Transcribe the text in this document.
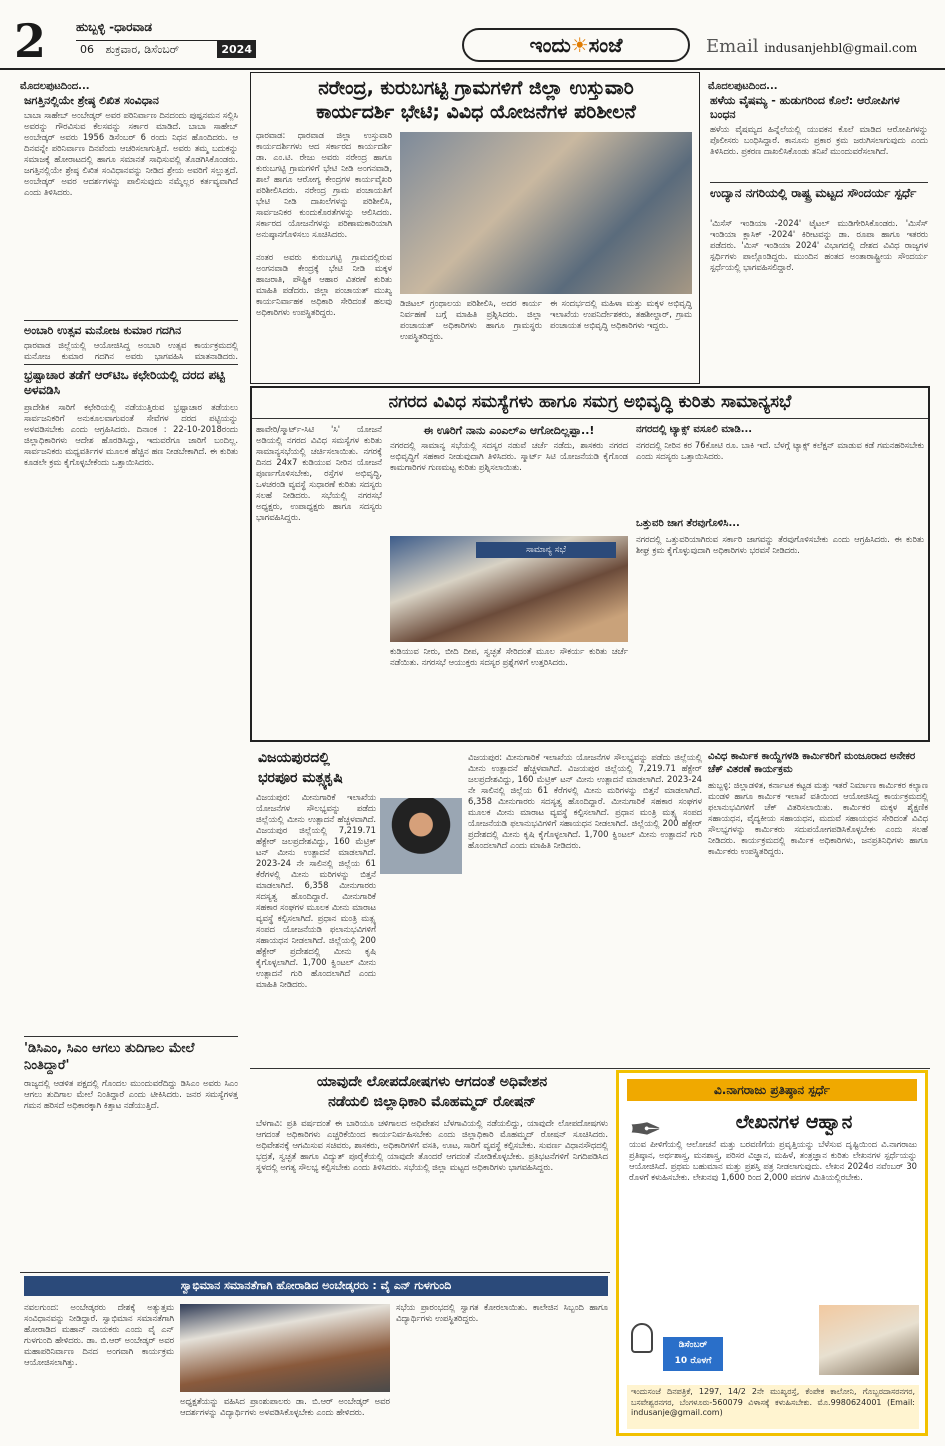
2 ಹುಬ್ಬಳ್ಳಿ -ಧಾರವಾಡ
06 ಶುಕ್ರವಾರ, ಡಿಸೆಂಬರ್	2024	ಇಂದು☀ಸಂಜೆ	Email indusanjehbl@gmail.com
ಮೊದಲಪುಟದಿಂದ...
ಜಗತ್ತಿನಲ್ಲಿಯೇ ಶ್ರೇಷ್ಠ ಲಿಖಿತ ಸಂವಿಧಾನ
ಬಾಬಾ ಸಾಹೇಬ್ ಅಂಬೇಡ್ಕರ್ ಅವರ ಪರಿನಿರ್ವಾಣ ದಿನದಂದು ಪುಷ್ಪನಮನ ಸಲ್ಲಿಸಿ ಅವರನ್ನು ಗೌರವಿಸುವ ಕೆಲಸವನ್ನು ಸರ್ಕಾರ ಮಾಡಿದೆ. ಬಾಬಾ ಸಾಹೇಬ್ ಅಂಬೇಡ್ಕರ್ ಅವರು 1956 ಡಿಸೆಂಬರ್ 6 ರಂದು ನಿಧನ ಹೊಂದಿದರು. ಆ ದಿನವನ್ನೇ ಪರಿನಿರ್ವಾಣ ದಿನವೆಂದು ಆಚರಿಸಲಾಗುತ್ತಿದೆ. ಅವರು ತಮ್ಮ ಬದುಕನ್ನು ಸಮಾಜಕ್ಕೆ ಹೋರಾಟದಲ್ಲಿ ಹಾಗೂ ಸಮಾನತೆ ಸಾಧಿಸುವಲ್ಲಿ ತೊಡಗಿಸಿಕೊಂಡರು. ಜಗತ್ತಿನಲ್ಲಿಯೇ ಶ್ರೇಷ್ಠ ಲಿಖಿತ ಸಂವಿಧಾನವನ್ನು ನೀಡಿದ ಶ್ರೇಯ ಅವರಿಗೆ ಸಲ್ಲುತ್ತದೆ. ಅಂಬೇಡ್ಕರ್ ಅವರ ಆದರ್ಶಗಳನ್ನು ಪಾಲಿಸುವುದು ನಮ್ಮೆಲ್ಲರ ಕರ್ತವ್ಯವಾಗಿದೆ ಎಂದು ತಿಳಿಸಿದರು.
ಅಂಬಾರಿ ಉತ್ಸವ ಮನೋಜ ಕುಮಾರ ಗದಗಿನ
ಧಾರವಾಡ ಜಿಲ್ಲೆಯಲ್ಲಿ ಆಯೋಜಿಸಿದ್ದ ಅಂಬಾರಿ ಉತ್ಸವ ಕಾರ್ಯಕ್ರಮದಲ್ಲಿ ಮನೋಜ ಕುಮಾರ ಗದಗಿನ ಅವರು ಭಾಗವಹಿಸಿ ಮಾತನಾಡಿದರು.
ಭ್ರಷ್ಟಾಚಾರ ತಡೆಗೆ ಆರ್‌ಟಿಒ ಕಛೇರಿಯಲ್ಲಿ ದರದ ಪಟ್ಟಿ ಅಳವಡಿಸಿ
ಪ್ರಾದೇಶಿಕ ಸಾರಿಗೆ ಕಛೇರಿಯಲ್ಲಿ ನಡೆಯುತ್ತಿರುವ ಭ್ರಷ್ಟಾಚಾರ ತಡೆಯಲು ಸಾರ್ವಜನಿಕರಿಗೆ ಅನುಕೂಲವಾಗುವಂತೆ ಸೇವೆಗಳ ದರದ ಪಟ್ಟಿಯನ್ನು ಅಳವಡಿಸಬೇಕು ಎಂದು ಆಗ್ರಹಿಸಿದರು. ದಿನಾಂಕ : 22-10-2018ರಂದು ಜಿಲ್ಲಾಧಿಕಾರಿಗಳು ಆದೇಶ ಹೊರಡಿಸಿದ್ದು, ಇದುವರೆಗೂ ಜಾರಿಗೆ ಬಂದಿಲ್ಲ. ಸಾರ್ವಜನಿಕರು ಮಧ್ಯವರ್ತಿಗಳ ಮೂಲಕ ಹೆಚ್ಚಿನ ಹಣ ನೀಡಬೇಕಾಗಿದೆ. ಈ ಕುರಿತು ಕೂಡಲೇ ಕ್ರಮ ಕೈಗೊಳ್ಳಬೇಕೆಂದು ಒತ್ತಾಯಿಸಿದರು.
'ಡಿಸಿಎಂ, ಸಿಎಂ ಆಗಲು ತುದಿಗಾಲ ಮೇಲೆ ನಿಂತಿದ್ದಾರೆ'
ರಾಜ್ಯದಲ್ಲಿ ಆಡಳಿತ ಪಕ್ಷದಲ್ಲಿ ಗೊಂದಲ ಮುಂದುವರೆದಿದ್ದು ಡಿಸಿಎಂ ಅವರು ಸಿಎಂ ಆಗಲು ತುದಿಗಾಲ ಮೇಲೆ ನಿಂತಿದ್ದಾರೆ ಎಂದು ಟೀಕಿಸಿದರು. ಜನರ ಸಮಸ್ಯೆಗಳತ್ತ ಗಮನ ಹರಿಸದೆ ಅಧಿಕಾರಕ್ಕಾಗಿ ಕಿತ್ತಾಟ ನಡೆಯುತ್ತಿದೆ.
ನರೇಂದ್ರ, ಕುರುಬಗಟ್ಟಿ ಗ್ರಾಮಗಳಿಗೆ ಜಿಲ್ಲಾ ಉಸ್ತುವಾರಿ
ಕಾರ್ಯದರ್ಶಿ ಭೇಟಿ; ವಿವಿಧ ಯೋಜನೆಗಳ ಪರಿಶೀಲನೆ
ಧಾರವಾಡ: ಧಾರವಾಡ ಜಿಲ್ಲಾ ಉಸ್ತುವಾರಿ ಕಾರ್ಯದರ್ಶಿಗಳು ಆದ ಸರ್ಕಾರದ ಕಾರ್ಯದರ್ಶಿ ಡಾ. ಎಂ.ಟಿ. ರೇಜು ಅವರು ನರೇಂದ್ರ ಹಾಗೂ ಕುರುಬಗಟ್ಟಿ ಗ್ರಾಮಗಳಿಗೆ ಭೇಟಿ ನೀಡಿ ಅಂಗನವಾಡಿ, ಶಾಲೆ ಹಾಗೂ ಆರೋಗ್ಯ ಕೇಂದ್ರಗಳ ಕಾರ್ಯವೈಖರಿ ಪರಿಶೀಲಿಸಿದರು. ನರೇಂದ್ರ ಗ್ರಾಮ ಪಂಚಾಯತಿಗೆ ಭೇಟಿ ನೀಡಿ ದಾಖಲೆಗಳನ್ನು ಪರಿಶೀಲಿಸಿ, ಸಾರ್ವಜನಿಕರ ಕುಂದುಕೊರತೆಗಳನ್ನು ಆಲಿಸಿದರು. ಸರ್ಕಾರದ ಯೋಜನೆಗಳನ್ನು ಪರಿಣಾಮಕಾರಿಯಾಗಿ ಅನುಷ್ಠಾನಗೊಳಿಸಲು ಸೂಚಿಸಿದರು.
ನಂತರ ಅವರು ಕುರುಬಗಟ್ಟಿ ಗ್ರಾಮದಲ್ಲಿರುವ ಅಂಗನವಾಡಿ ಕೇಂದ್ರಕ್ಕೆ ಭೇಟಿ ನೀಡಿ ಮಕ್ಕಳ ಹಾಜರಾತಿ, ಪೌಷ್ಟಿಕ ಆಹಾರ ವಿತರಣೆ ಕುರಿತು ಮಾಹಿತಿ ಪಡೆದರು. ಜಿಲ್ಲಾ ಪಂಚಾಯತ್ ಮುಖ್ಯ ಕಾರ್ಯನಿರ್ವಾಹಕ ಅಧಿಕಾರಿ ಸೇರಿದಂತೆ ಹಲವು ಅಧಿಕಾರಿಗಳು ಉಪಸ್ಥಿತರಿದ್ದರು.
ಡಿಜಿಟಲ್ ಗ್ರಂಥಾಲಯ ಪರಿಶೀಲಿಸಿ, ಅದರ ಕಾರ್ಯ ನಿರ್ವಹಣೆ ಬಗ್ಗೆ ಮಾಹಿತಿ ಪ್ರಶ್ನಿಸಿದರು. ಜಿಲ್ಲಾ ಪಂಚಾಯತ್ ಅಧಿಕಾರಿಗಳು ಹಾಗೂ ಗ್ರಾಮಸ್ಥರು ಉಪಸ್ಥಿತರಿದ್ದರು.
ಈ ಸಂದರ್ಭದಲ್ಲಿ ಮಹಿಳಾ ಮತ್ತು ಮಕ್ಕಳ ಅಭಿವೃದ್ಧಿ ಇಲಾಖೆಯ ಉಪನಿರ್ದೇಶಕರು, ತಹಶೀಲ್ದಾರ್, ಗ್ರಾಮ ಪಂಚಾಯತ ಅಭಿವೃದ್ಧಿ ಅಧಿಕಾರಿಗಳು ಇದ್ದರು.
ಮೊದಲಪುಟದಿಂದ...
ಹಳೆಯ ವೈಷಮ್ಯ - ಹುಡುಗರಿಂದ ಕೊಲೆ: ಆರೋಪಿಗಳ ಬಂಧನ
ಹಳೆಯ ವೈಷಮ್ಯದ ಹಿನ್ನೆಲೆಯಲ್ಲಿ ಯುವಕನ ಕೊಲೆ ಮಾಡಿದ ಆರೋಪಿಗಳನ್ನು ಪೊಲೀಸರು ಬಂಧಿಸಿದ್ದಾರೆ. ಕಾನೂನು ಪ್ರಕಾರ ಕ್ರಮ ಜರುಗಿಸಲಾಗುವುದು ಎಂದು ತಿಳಿಸಿದರು. ಪ್ರಕರಣ ದಾಖಲಿಸಿಕೊಂಡು ತನಿಖೆ ಮುಂದುವರೆಸಲಾಗಿದೆ.
ಉದ್ಯಾನ ನಗರಿಯಲ್ಲಿ ರಾಷ್ಟ್ರ ಮಟ್ಟದ ಸೌಂದರ್ಯ ಸ್ಪರ್ಧೆ
'ಮಿಸೆಸ್ ಇಂಡಿಯಾ -2024' ಟೈಟಲ್ ಮುಡಿಗೇರಿಸಿಕೊಂಡರು. 'ಮಿಸೆಸ್ ಇಂಡಿಯಾ ಕ್ಲಾಸಿಕ್ -2024' ಕಿರೀಟವನ್ನು ಡಾ. ರೂಪಾ ಹಾಗೂ ಇತರರು ಪಡೆದರು. 'ಮಿಸ್ ಇಂಡಿಯಾ 2024' ವಿಭಾಗದಲ್ಲಿ ದೇಶದ ವಿವಿಧ ರಾಜ್ಯಗಳ ಸ್ಪರ್ಧಿಗಳು ಪಾಲ್ಗೊಂಡಿದ್ದರು. ಮುಂದಿನ ಹಂತದ ಅಂತಾರಾಷ್ಟ್ರೀಯ ಸೌಂದರ್ಯ ಸ್ಪರ್ಧೆಯಲ್ಲಿ ಭಾಗವಹಿಸಲಿದ್ದಾರೆ.
ನಗರದ ವಿವಿಧ ಸಮಸ್ಯೆಗಳು ಹಾಗೂ ಸಮಗ್ರ ಅಭಿವೃದ್ಧಿ ಕುರಿತು ಸಾಮಾನ್ಯಸಭೆ
ಹಾವೇರಿ/ಸ್ಮಾರ್ಟ್-ಸಿಟಿ 'ಸಿ' ಯೋಜನೆ ಅಡಿಯಲ್ಲಿ ನಗರದ ವಿವಿಧ ಸಮಸ್ಯೆಗಳ ಕುರಿತು ಸಾಮಾನ್ಯಸಭೆಯಲ್ಲಿ ಚರ್ಚಿಸಲಾಯಿತು. ನಗರಕ್ಕೆ ದಿನದ 24x7 ಕುಡಿಯುವ ನೀರಿನ ಯೋಜನೆ ಪೂರ್ಣಗೊಳಿಸಬೇಕು, ರಸ್ತೆಗಳ ಅಭಿವೃದ್ಧಿ, ಒಳಚರಂಡಿ ವ್ಯವಸ್ಥೆ ಸುಧಾರಣೆ ಕುರಿತು ಸದಸ್ಯರು ಸಲಹೆ ನೀಡಿದರು. ಸಭೆಯಲ್ಲಿ ನಗರಸಭೆ ಅಧ್ಯಕ್ಷರು, ಉಪಾಧ್ಯಕ್ಷರು ಹಾಗೂ ಸದಸ್ಯರು ಭಾಗವಹಿಸಿದ್ದರು.
ಈ ಊರಿಗೆ ನಾನು ಎಂಎಲ್‌ಎ ಆಗೋದಿಲ್ಲಪ್ಪಾ..!
ನಗರದಲ್ಲಿ ಸಾಮಾನ್ಯ ಸಭೆಯಲ್ಲಿ ಸದಸ್ಯರ ನಡುವೆ ಚರ್ಚೆ ನಡೆದು, ಶಾಸಕರು ನಗರದ ಅಭಿವೃದ್ಧಿಗೆ ಸಹಕಾರ ನೀಡುವುದಾಗಿ ತಿಳಿಸಿದರು. ಸ್ಮಾರ್ಟ್ ಸಿಟಿ ಯೋಜನೆಯಡಿ ಕೈಗೊಂಡ ಕಾಮಗಾರಿಗಳ ಗುಣಮಟ್ಟ ಕುರಿತು ಪ್ರಶ್ನಿಸಲಾಯಿತು.
ಸಾಮಾನ್ಯ ಸಭೆ
ಕುಡಿಯುವ ನೀರು, ಬೀದಿ ದೀಪ, ಸ್ವಚ್ಛತೆ ಸೇರಿದಂತೆ ಮೂಲ ಸೌಕರ್ಯ ಕುರಿತು ಚರ್ಚೆ ನಡೆಯಿತು. ನಗರಸಭೆ ಆಯುಕ್ತರು ಸದಸ್ಯರ ಪ್ರಶ್ನೆಗಳಿಗೆ ಉತ್ತರಿಸಿದರು.
ನಗರದಲ್ಲಿ ಟ್ಯಾಕ್ಸ್ ವಸೂಲಿ ಮಾಡಿ...
ನಗರದಲ್ಲಿ ನೀರಿನ ಕರ 76ಕೋಟಿ ರೂ. ಬಾಕಿ ಇದೆ. ಬೆಳಗ್ಗೆ ಟ್ಯಾಕ್ಸ್ ಕಲೆಕ್ಷನ್ ಮಾಡುವ ಕಡೆ ಗಮನಹರಿಸಬೇಕು ಎಂದು ಸದಸ್ಯರು ಒತ್ತಾಯಿಸಿದರು.
ಒತ್ತುವರಿ ಜಾಗ ತೆರವುಗೊಳಿಸಿ...
ನಗರದಲ್ಲಿ ಒತ್ತುವರಿಯಾಗಿರುವ ಸರ್ಕಾರಿ ಜಾಗವನ್ನು ತೆರವುಗೊಳಿಸಬೇಕು ಎಂದು ಆಗ್ರಹಿಸಿದರು. ಈ ಕುರಿತು ಶೀಘ್ರ ಕ್ರಮ ಕೈಗೊಳ್ಳುವುದಾಗಿ ಅಧಿಕಾರಿಗಳು ಭರವಸೆ ನೀಡಿದರು.
ವಿಜಯಪುರದಲ್ಲಿ
ಭರಪೂರ ಮತ್ಸ್ಯಕೃಷಿ
ವಿಜಯಪುರ: ಮೀನುಗಾರಿಕೆ ಇಲಾಖೆಯ ಯೋಜನೆಗಳ ಸೌಲಭ್ಯವನ್ನು ಪಡೆದು ಜಿಲ್ಲೆಯಲ್ಲಿ ಮೀನು ಉತ್ಪಾದನೆ ಹೆಚ್ಚಳವಾಗಿದೆ. ವಿಜಯಪುರ ಜಿಲ್ಲೆಯಲ್ಲಿ 7,219.71 ಹೆಕ್ಟೇರ್ ಜಲಪ್ರದೇಶವಿದ್ದು, 160 ಮೆಟ್ರಿಕ್ ಟನ್ ಮೀನು ಉತ್ಪಾದನೆ ಮಾಡಲಾಗಿದೆ. 2023-24 ನೇ ಸಾಲಿನಲ್ಲಿ ಜಿಲ್ಲೆಯ 61 ಕೆರೆಗಳಲ್ಲಿ ಮೀನು ಮರಿಗಳನ್ನು ಬಿತ್ತನೆ ಮಾಡಲಾಗಿದೆ. 6,358 ಮೀನುಗಾರರು ಸದಸ್ಯತ್ವ ಹೊಂದಿದ್ದಾರೆ. ಮೀನುಗಾರಿಕೆ ಸಹಕಾರ ಸಂಘಗಳ ಮೂಲಕ ಮೀನು ಮಾರಾಟ ವ್ಯವಸ್ಥೆ ಕಲ್ಪಿಸಲಾಗಿದೆ. ಪ್ರಧಾನ ಮಂತ್ರಿ ಮತ್ಸ್ಯ ಸಂಪದ ಯೋಜನೆಯಡಿ ಫಲಾನುಭವಿಗಳಿಗೆ ಸಹಾಯಧನ ನೀಡಲಾಗಿದೆ. ಜಿಲ್ಲೆಯಲ್ಲಿ 200 ಹೆಕ್ಟೇರ್ ಪ್ರದೇಶದಲ್ಲಿ ಮೀನು ಕೃಷಿ ಕೈಗೊಳ್ಳಲಾಗಿದೆ. 1,700 ಕ್ವಿಂಟಲ್ ಮೀನು ಉತ್ಪಾದನೆ ಗುರಿ ಹೊಂದಲಾಗಿದೆ ಎಂದು ಮಾಹಿತಿ ನೀಡಿದರು.
ವಿಜಯಪುರ: ಮೀನುಗಾರಿಕೆ ಇಲಾಖೆಯ ಯೋಜನೆಗಳ ಸೌಲಭ್ಯವನ್ನು ಪಡೆದು ಜಿಲ್ಲೆಯಲ್ಲಿ ಮೀನು ಉತ್ಪಾದನೆ ಹೆಚ್ಚಳವಾಗಿದೆ. ವಿಜಯಪುರ ಜಿಲ್ಲೆಯಲ್ಲಿ 7,219.71 ಹೆಕ್ಟೇರ್ ಜಲಪ್ರದೇಶವಿದ್ದು, 160 ಮೆಟ್ರಿಕ್ ಟನ್ ಮೀನು ಉತ್ಪಾದನೆ ಮಾಡಲಾಗಿದೆ. 2023-24 ನೇ ಸಾಲಿನಲ್ಲಿ ಜಿಲ್ಲೆಯ 61 ಕೆರೆಗಳಲ್ಲಿ ಮೀನು ಮರಿಗಳನ್ನು ಬಿತ್ತನೆ ಮಾಡಲಾಗಿದೆ. 6,358 ಮೀನುಗಾರರು ಸದಸ್ಯತ್ವ ಹೊಂದಿದ್ದಾರೆ. ಮೀನುಗಾರಿಕೆ ಸಹಕಾರ ಸಂಘಗಳ ಮೂಲಕ ಮೀನು ಮಾರಾಟ ವ್ಯವಸ್ಥೆ ಕಲ್ಪಿಸಲಾಗಿದೆ. ಪ್ರಧಾನ ಮಂತ್ರಿ ಮತ್ಸ್ಯ ಸಂಪದ ಯೋಜನೆಯಡಿ ಫಲಾನುಭವಿಗಳಿಗೆ ಸಹಾಯಧನ ನೀಡಲಾಗಿದೆ. ಜಿಲ್ಲೆಯಲ್ಲಿ 200 ಹೆಕ್ಟೇರ್ ಪ್ರದೇಶದಲ್ಲಿ ಮೀನು ಕೃಷಿ ಕೈಗೊಳ್ಳಲಾಗಿದೆ. 1,700 ಕ್ವಿಂಟಲ್ ಮೀನು ಉತ್ಪಾದನೆ ಗುರಿ ಹೊಂದಲಾಗಿದೆ ಎಂದು ಮಾಹಿತಿ ನೀಡಿದರು.
ವಿವಿಧ ಕಾರ್ಮಿಕ ಕಾಯ್ದೆಗಳಡಿ ಕಾರ್ಮಿಕರಿಗೆ ಮಂಜೂರಾದ ಅನೇಕರ ಚೆಕ್ ವಿತರಣೆ ಕಾರ್ಯಕ್ರಮ
ಹುಬ್ಬಳ್ಳಿ: ಜಿಲ್ಲಾಡಳಿತ, ಕರ್ನಾಟಕ ಕಟ್ಟಡ ಮತ್ತು ಇತರೆ ನಿರ್ಮಾಣ ಕಾರ್ಮಿಕರ ಕಲ್ಯಾಣ ಮಂಡಳಿ ಹಾಗೂ ಕಾರ್ಮಿಕ ಇಲಾಖೆ ವತಿಯಿಂದ ಆಯೋಜಿಸಿದ್ದ ಕಾರ್ಯಕ್ರಮದಲ್ಲಿ ಫಲಾನುಭವಿಗಳಿಗೆ ಚೆಕ್ ವಿತರಿಸಲಾಯಿತು. ಕಾರ್ಮಿಕರ ಮಕ್ಕಳ ಶೈಕ್ಷಣಿಕ ಸಹಾಯಧನ, ವೈದ್ಯಕೀಯ ಸಹಾಯಧನ, ಮದುವೆ ಸಹಾಯಧನ ಸೇರಿದಂತೆ ವಿವಿಧ ಸೌಲಭ್ಯಗಳನ್ನು ಕಾರ್ಮಿಕರು ಸದುಪಯೋಗಪಡಿಸಿಕೊಳ್ಳಬೇಕು ಎಂದು ಸಲಹೆ ನೀಡಿದರು. ಕಾರ್ಯಕ್ರಮದಲ್ಲಿ ಕಾರ್ಮಿಕ ಅಧಿಕಾರಿಗಳು, ಜನಪ್ರತಿನಿಧಿಗಳು ಹಾಗೂ ಕಾರ್ಮಿಕರು ಉಪಸ್ಥಿತರಿದ್ದರು.
ಯಾವುದೇ ಲೋಪದೋಷಗಳು ಆಗದಂತೆ ಅಧಿವೇಶನ
ನಡೆಯಲಿ ಜಿಲ್ಲಾಧಿಕಾರಿ ಮೊಹಮ್ಮದ್ ರೋಷನ್
ಬೆಳಗಾವಿ: ಪ್ರತಿ ವರ್ಷದಂತೆ ಈ ಬಾರಿಯೂ ಚಳಿಗಾಲದ ಅಧಿವೇಶನ ಬೆಳಗಾವಿಯಲ್ಲಿ ನಡೆಯಲಿದ್ದು, ಯಾವುದೇ ಲೋಪದೋಷಗಳು ಆಗದಂತೆ ಅಧಿಕಾರಿಗಳು ಎಚ್ಚರಿಕೆಯಿಂದ ಕಾರ್ಯನಿರ್ವಹಿಸಬೇಕು ಎಂದು ಜಿಲ್ಲಾಧಿಕಾರಿ ಮೊಹಮ್ಮದ್ ರೋಷನ್ ಸೂಚಿಸಿದರು. ಅಧಿವೇಶನಕ್ಕೆ ಆಗಮಿಸುವ ಸಚಿವರು, ಶಾಸಕರು, ಅಧಿಕಾರಿಗಳಿಗೆ ವಸತಿ, ಊಟ, ಸಾರಿಗೆ ವ್ಯವಸ್ಥೆ ಕಲ್ಪಿಸಬೇಕು. ಸುವರ್ಣ ವಿಧಾನಸೌಧದಲ್ಲಿ ಭದ್ರತೆ, ಸ್ವಚ್ಛತೆ ಹಾಗೂ ವಿದ್ಯುತ್ ಪೂರೈಕೆಯಲ್ಲಿ ಯಾವುದೇ ತೊಂದರೆ ಆಗದಂತೆ ನೋಡಿಕೊಳ್ಳಬೇಕು. ಪ್ರತಿಭಟನೆಗಳಿಗೆ ನಿಗದಿಪಡಿಸಿದ ಸ್ಥಳದಲ್ಲಿ ಅಗತ್ಯ ಸೌಲಭ್ಯ ಕಲ್ಪಿಸಬೇಕು ಎಂದು ತಿಳಿಸಿದರು. ಸಭೆಯಲ್ಲಿ ಜಿಲ್ಲಾ ಮಟ್ಟದ ಅಧಿಕಾರಿಗಳು ಭಾಗವಹಿಸಿದ್ದರು.
ವಿ.ನಾಗರಾಜು ಪ್ರತಿಷ್ಠಾನ ಸ್ಪರ್ಧೆ
✒	ಲೇಖನಗಳ ಆಹ್ವಾನ
ಯುವ ಪೀಳಿಗೆಯಲ್ಲಿ ಆಲೋಚನೆ ಮತ್ತು ಬರವಣಿಗೆಯ ಪ್ರವೃತ್ತಿಯನ್ನು ಬೆಳೆಸುವ ದೃಷ್ಟಿಯಿಂದ ವಿ.ನಾಗರಾಜು ಪ್ರತಿಷ್ಠಾನ, ಅರ್ಥಶಾಸ್ತ್ರ, ಮನಶಾಸ್ತ್ರ, ಪರಿಸರ ವಿಜ್ಞಾನ, ಮಹಿಳೆ, ತಂತ್ರಜ್ಞಾನ ಕುರಿತು ಲೇಖನಗಳ ಸ್ಪರ್ಧೆಯನ್ನು ಆಯೋಜಿಸಿದೆ. ಪ್ರಥಮ ಬಹುಮಾನ ಮತ್ತು ಪ್ರಶಸ್ತಿ ಪತ್ರ ನೀಡಲಾಗುವುದು. ಲೇಖನ 2024ರ ನವೆಂಬರ್ 30 ರೊಳಗೆ ಕಳುಹಿಸಬೇಕು. ಲೇಖನವು 1,600 ರಿಂದ 2,000 ಪದಗಳ ಮಿತಿಯಲ್ಲಿರಬೇಕು.
ಡಿಸೆಂಬರ್
10 ರೊಳಗೆ
ಇಂದುಸಂಜೆ ದಿನಪತ್ರಿಕೆ, 1297, 14/2 2ನೇ ಮುಖ್ಯರಸ್ತೆ, ಕೆಂಪೇಕ ಕಾಲೋನಿ, ಗೊಬ್ಬರದಾಸರನಗರ, ಬಸವೇಶ್ವರನಗರ, ಬೆಂಗಳೂರು-560079 ವಿಳಾಸಕ್ಕೆ ಕಳುಹಿಸಬೇಕು. ಮೊ.9980624001 (Email: indusanje@gmail.com)
ಸ್ವಾಭಿಮಾನ ಸಮಾನತೆಗಾಗಿ ಹೋರಾಡಿದ ಅಂಬೇಡ್ಕರರು : ವೈ ಎನ್ ಗುಳಗುಂದಿ
ನವಲಗುಂದ: ಅಂಬೇಡ್ಕರರು ದೇಶಕ್ಕೆ ಅತ್ಯುತ್ತಮ ಸಂವಿಧಾನವನ್ನು ನೀಡಿದ್ದಾರೆ. ಸ್ವಾಭಿಮಾನ ಸಮಾನತೆಗಾಗಿ ಹೋರಾಡಿದ ಮಹಾನ್ ನಾಯಕರು ಎಂದು ವೈ ಎನ್ ಗುಳಗುಂದಿ ಹೇಳಿದರು. ಡಾ. ಬಿ.ಆರ್ ಅಂಬೇಡ್ಕರ್ ಅವರ ಮಹಾಪರಿನಿರ್ವಾಣ ದಿನದ ಅಂಗವಾಗಿ ಕಾರ್ಯಕ್ರಮ ಆಯೋಜಿಸಲಾಗಿತ್ತು.
ಅಧ್ಯಕ್ಷತೆಯನ್ನು ವಹಿಸಿದ ಪ್ರಾಂಶುಪಾಲರು ಡಾ. ಬಿ.ಆರ್ ಅಂಬೇಡ್ಕರ್ ಅವರ ಆದರ್ಶಗಳನ್ನು ವಿದ್ಯಾರ್ಥಿಗಳು ಅಳವಡಿಸಿಕೊಳ್ಳಬೇಕು ಎಂದು ಹೇಳಿದರು.
ಸಭೆಯ ಪ್ರಾರಂಭದಲ್ಲಿ ಸ್ವಾಗತ ಕೋರಲಾಯಿತು. ಕಾಲೇಜಿನ ಸಿಬ್ಬಂದಿ ಹಾಗೂ ವಿದ್ಯಾರ್ಥಿಗಳು ಉಪಸ್ಥಿತರಿದ್ದರು.
